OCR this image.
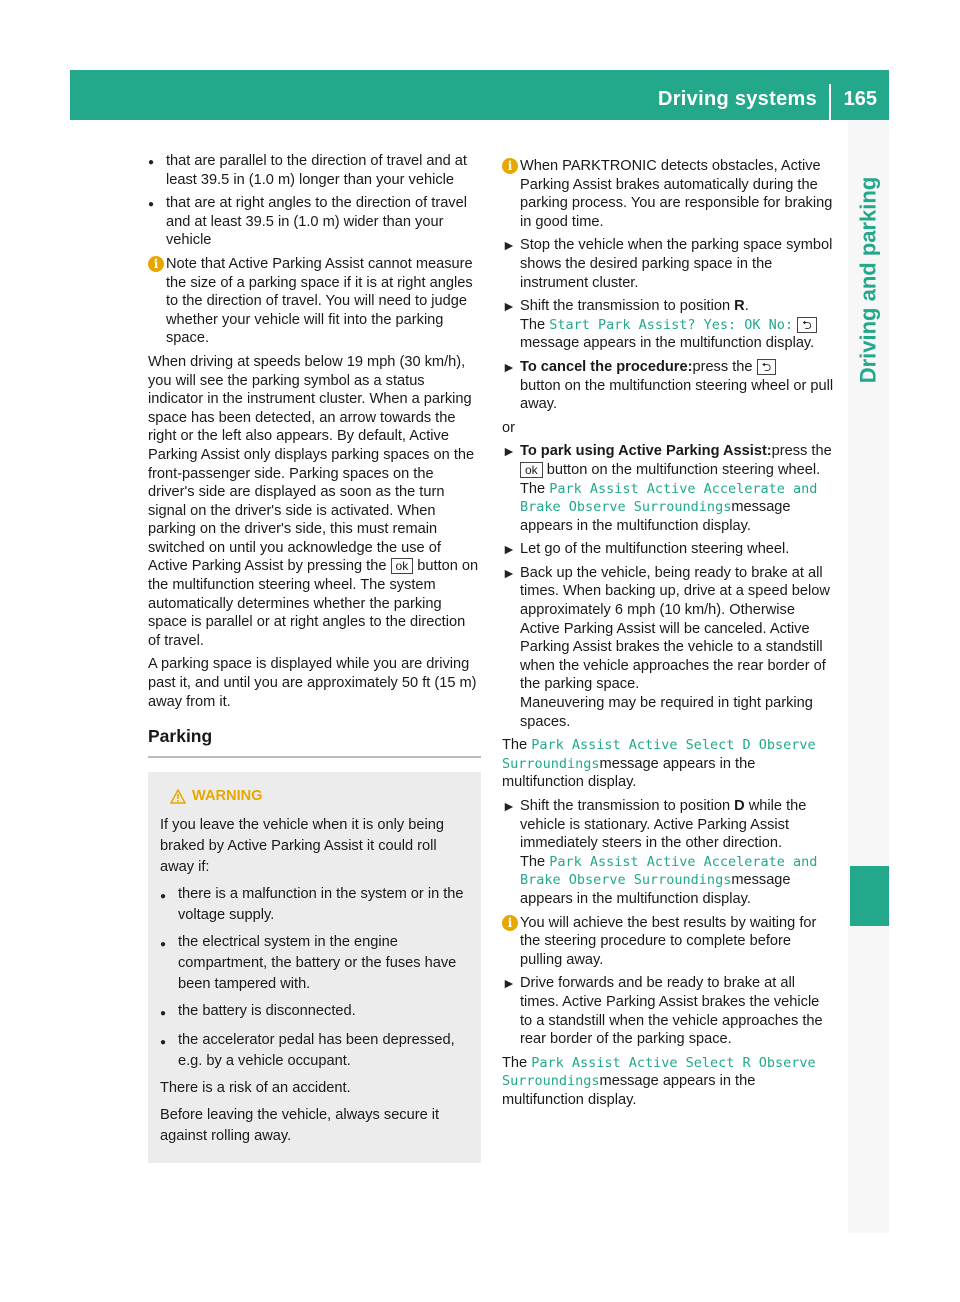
Driving systems 165
Driving and parking
● that are parallel to the direction of travel and at least 39.5 in (1.0 m) longer than your vehicle
● that are at right angles to the direction of travel and at least 39.5 in (1.0 m) wider than your vehicle
i Note that Active Parking Assist cannot measure the size of a parking space if it is at right angles to the direction of travel. You will need to judge whether your vehicle will fit into the parking space.

When driving at speeds below 19 mph (30 km/h), you will see the parking symbol as a status indicator in the instrument cluster. When a parking space has been detected, an arrow towards the right or the left also appears. By default, Active Parking Assist only displays parking spaces on the front-passenger side. Parking spaces on the driver's side are displayed as soon as the turn signal on the driver's side is activated. When parking on the driver's side, this must remain switched on until you acknowledge the use of Active Parking Assist by pressing the ok button on the multifunction steering wheel. The system automatically determines whether the parking space is parallel or at right angles to the direction of travel.

A parking space is displayed while you are driving past it, and until you are approximately 50 ft (15 m) away from it.

Parking
WARNING

If you leave the vehicle when it is only being braked by Active Parking Assist it could roll away if:

● there is a malfunction in the system or in the voltage supply.
● the electrical system in the engine compartment, the battery or the fuses have been tampered with.
● the battery is disconnected.
● the accelerator pedal has been depressed, e.g. by a vehicle occupant.

There is a risk of an accident.

Before leaving the vehicle, always secure it against rolling away.

i When PARKTRONIC detects obstacles, Active Parking Assist brakes automatically during the parking process. You are responsible for braking in good time.
► Stop the vehicle when the parking space symbol shows the desired parking space in the instrument cluster.
► Shift the transmission to position R.
The Start Park Assist? Yes: OK No: ⮌
message appears in the multifunction display.
► To cancel the procedure:press the ⮌
button on the multifunction steering wheel or pull away.

or

► To park using Active Parking Assist:press the ok button on the multifunction steering wheel.
The Park Assist Active Accelerate and Brake Observe Surroundingsmessage appears in the multifunction display.
► Let go of the multifunction steering wheel.
► Back up the vehicle, being ready to brake at all times. When backing up, drive at a speed below approximately 6 mph (10 km/h). Otherwise Active Parking Assist will be canceled. Active Parking Assist brakes the vehicle to a standstill when the vehicle approaches the rear border of the parking space.
Maneuvering may be required in tight parking spaces.

The Park Assist Active Select D Observe Surroundingsmessage appears in the multifunction display.

► Shift the transmission to position D while the vehicle is stationary. Active Parking Assist immediately steers in the other direction.
The Park Assist Active Accelerate and Brake Observe Surroundingsmessage appears in the multifunction display.
i You will achieve the best results by waiting for the steering procedure to complete before pulling away.
► Drive forwards and be ready to brake at all times. Active Parking Assist brakes the vehicle to a standstill when the vehicle approaches the rear border of the parking space.

The Park Assist Active Select R Observe Surroundingsmessage appears in the multifunction display.
